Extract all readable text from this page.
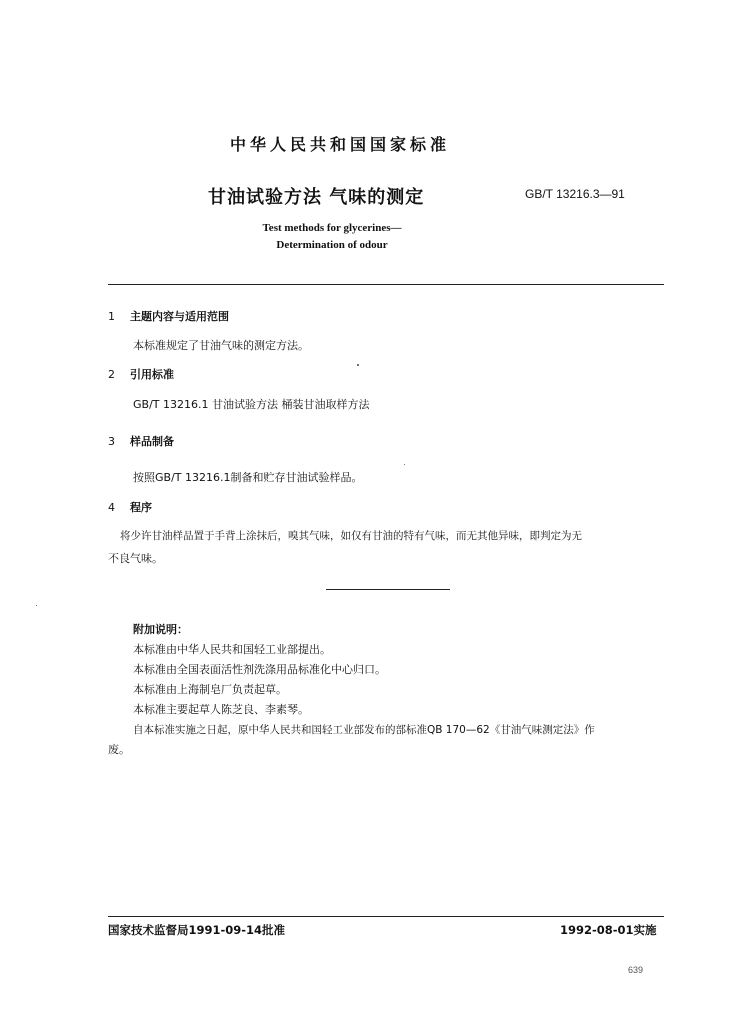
中华人民共和国国家标准
甘油试验方法 气味的测定	GB/T 13216.3—91
Test methods for glycerines—
Determination of odour
1 主题内容与适用范围
本标准规定了甘油气味的测定方法。
2 引用标准
GB/T 13216.1 甘油试验方法 桶装甘油取样方法
3 样品制备
按照GB/T 13216.1制备和贮存甘油试验样品。
4 程序
将少许甘油样品置于手背上涂抹后，嗅其气味，如仅有甘油的特有气味，而无其他异味，即判定为无
不良气味。
附加说明：
本标准由中华人民共和国轻工业部提出。
本标准由全国表面活性剂洗涤用品标准化中心归口。
本标准由上海制皂厂负责起草。
本标准主要起草人陈芝良、李素琴。
自本标准实施之日起，原中华人民共和国轻工业部发布的部标准QB 170—62《甘油气味测定法》作
废。
国家技术监督局1991-09-14批准	1992-08-01实施
639
